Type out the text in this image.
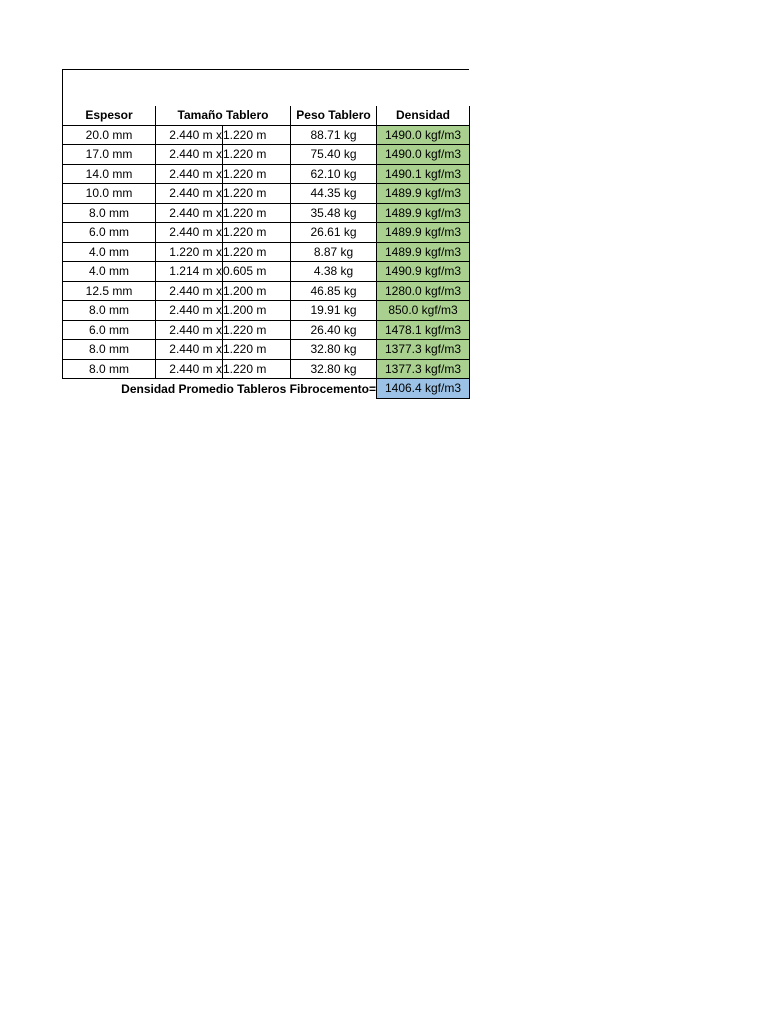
Espesor	Tamaño Tablero		Peso Tablero	Densidad
20.0 mm	2.440 m x	1.220 m	88.71 kg	1490.0 kgf/m3
17.0 mm	2.440 m x	1.220 m	75.40 kg	1490.0 kgf/m3
14.0 mm	2.440 m x	1.220 m	62.10 kg	1490.1 kgf/m3
10.0 mm	2.440 m x	1.220 m	44.35 kg	1489.9 kgf/m3
8.0 mm	2.440 m x	1.220 m	35.48 kg	1489.9 kgf/m3
6.0 mm	2.440 m x	1.220 m	26.61 kg	1489.9 kgf/m3
4.0 mm	1.220 m x	1.220 m	8.87 kg	1489.9 kgf/m3
4.0 mm	1.214 m x	0.605 m	4.38 kg	1490.9 kgf/m3
12.5 mm	2.440 m x	1.200 m	46.85 kg	1280.0 kgf/m3
8.0 mm	2.440 m x	1.200 m	19.91 kg	850.0 kgf/m3
6.0 mm	2.440 m x	1.220 m	26.40 kg	1478.1 kgf/m3
8.0 mm	2.440 m x	1.220 m	32.80 kg	1377.3 kgf/m3
8.0 mm	2.440 m x	1.220 m	32.80 kg	1377.3 kgf/m3
Densidad Promedio Tableros Fibrocemento=				1406.4 kgf/m3
